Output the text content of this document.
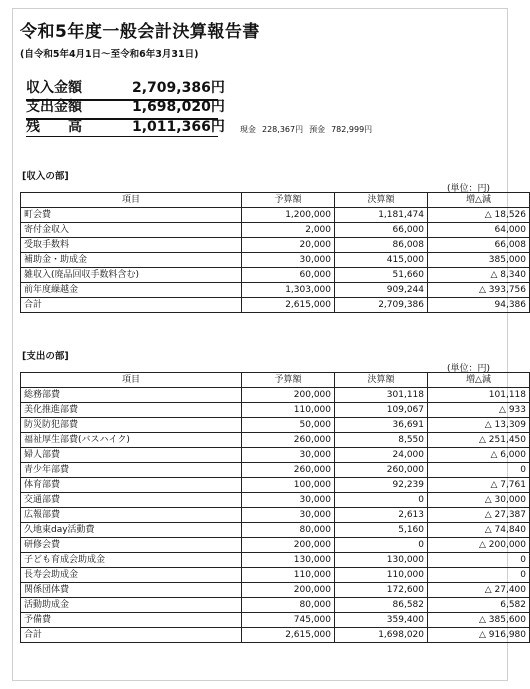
令和5年度一般会計決算報告書
(自令和5年4月1日～至令和6年3月31日)
収入金額	2,709,386円
支出金額	1,698,020円
残　　高	1,011,366円 現金 228,367円 預金 782,999円
[収入の部]
(単位：円)
項目	予算額	決算額	増△減
町会費	1,200,000	1,181,474	△ 18,526
寄付金収入	2,000	66,000	64,000
受取手数料	20,000	86,008	66,008
補助金・助成金	30,000	415,000	385,000
雑収入(廃品回収手数料含む)	60,000	51,660	△ 8,340
前年度繰越金	1,303,000	909,244	△ 393,756
合計	2,615,000	2,709,386	94,386
[支出の部]
(単位：円)
項目	予算額	決算額	増△減
総務部費	200,000	301,118	101,118
美化推進部費	110,000	109,067	△ 933
防災防犯部費	50,000	36,691	△ 13,309
福祉厚生部費(バスハイク)	260,000	8,550	△ 251,450
婦人部費	30,000	24,000	△ 6,000
青少年部費	260,000	260,000	0
体育部費	100,000	92,239	△ 7,761
交通部費	30,000	0	△ 30,000
広報部費	30,000	2,613	△ 27,387
久地東day活動費	80,000	5,160	△ 74,840
研修会費	200,000	0	△ 200,000
子ども育成会助成金	130,000	130,000	0
長寿会助成金	110,000	110,000	0
関係団体費	200,000	172,600	△ 27,400
活動助成金	80,000	86,582	6,582
予備費	745,000	359,400	△ 385,600
合計	2,615,000	1,698,020	△ 916,980
